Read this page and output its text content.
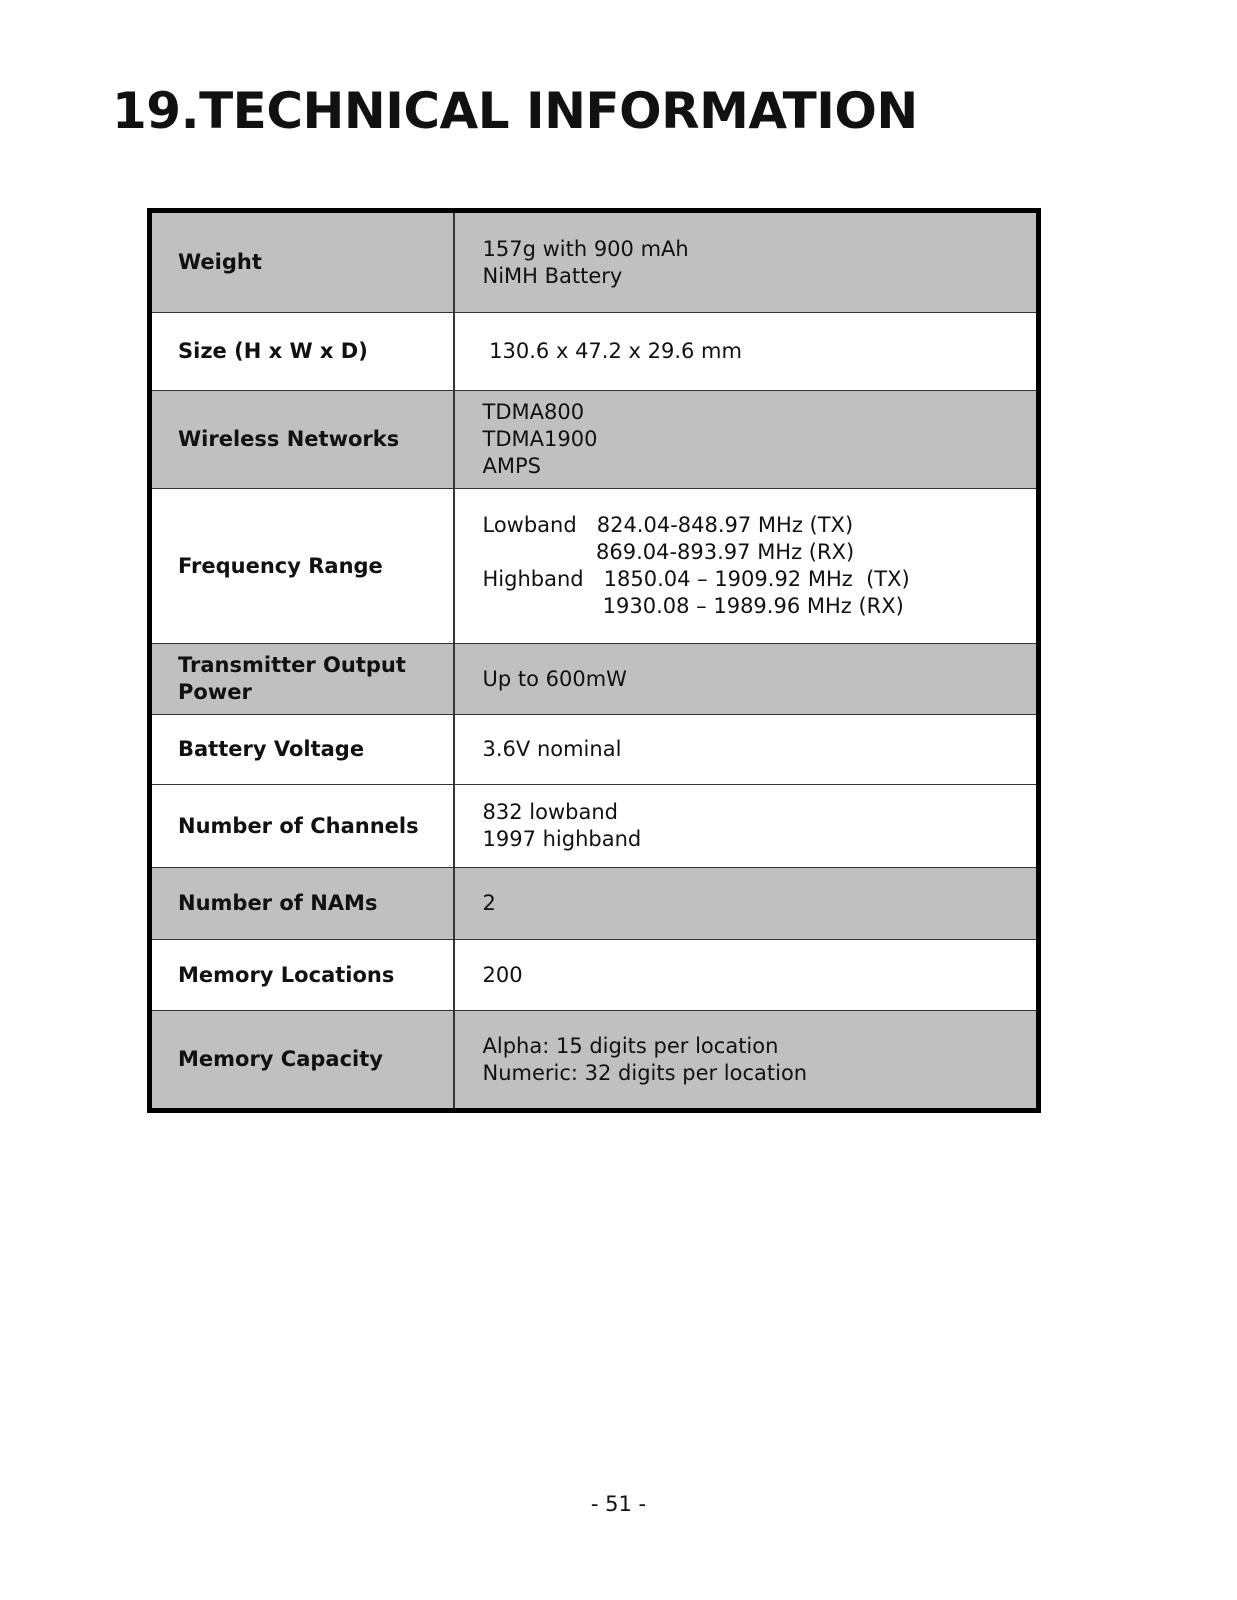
19.TECHNICAL INFORMATION
Weight	157g with 900 mAh
NiMH Battery
Size (H x W x D)	130.6 x 47.2 x 29.6 mm
Wireless Networks	TDMA800
TDMA1900
AMPS
Frequency Range	Lowband   824.04-848.97 MHz (TX)
869.04-893.97 MHz (RX)
Highband   1850.04 – 1909.92 MHz  (TX)
1930.08 – 1989.96 MHz (RX)
Transmitter Output Power	Up to 600mW
Battery Voltage	3.6V nominal
Number of Channels	832 lowband
1997 highband
Number of NAMs	2
Memory Locations	200
Memory Capacity	Alpha: 15 digits per location
Numeric: 32 digits per location
- 51 -
